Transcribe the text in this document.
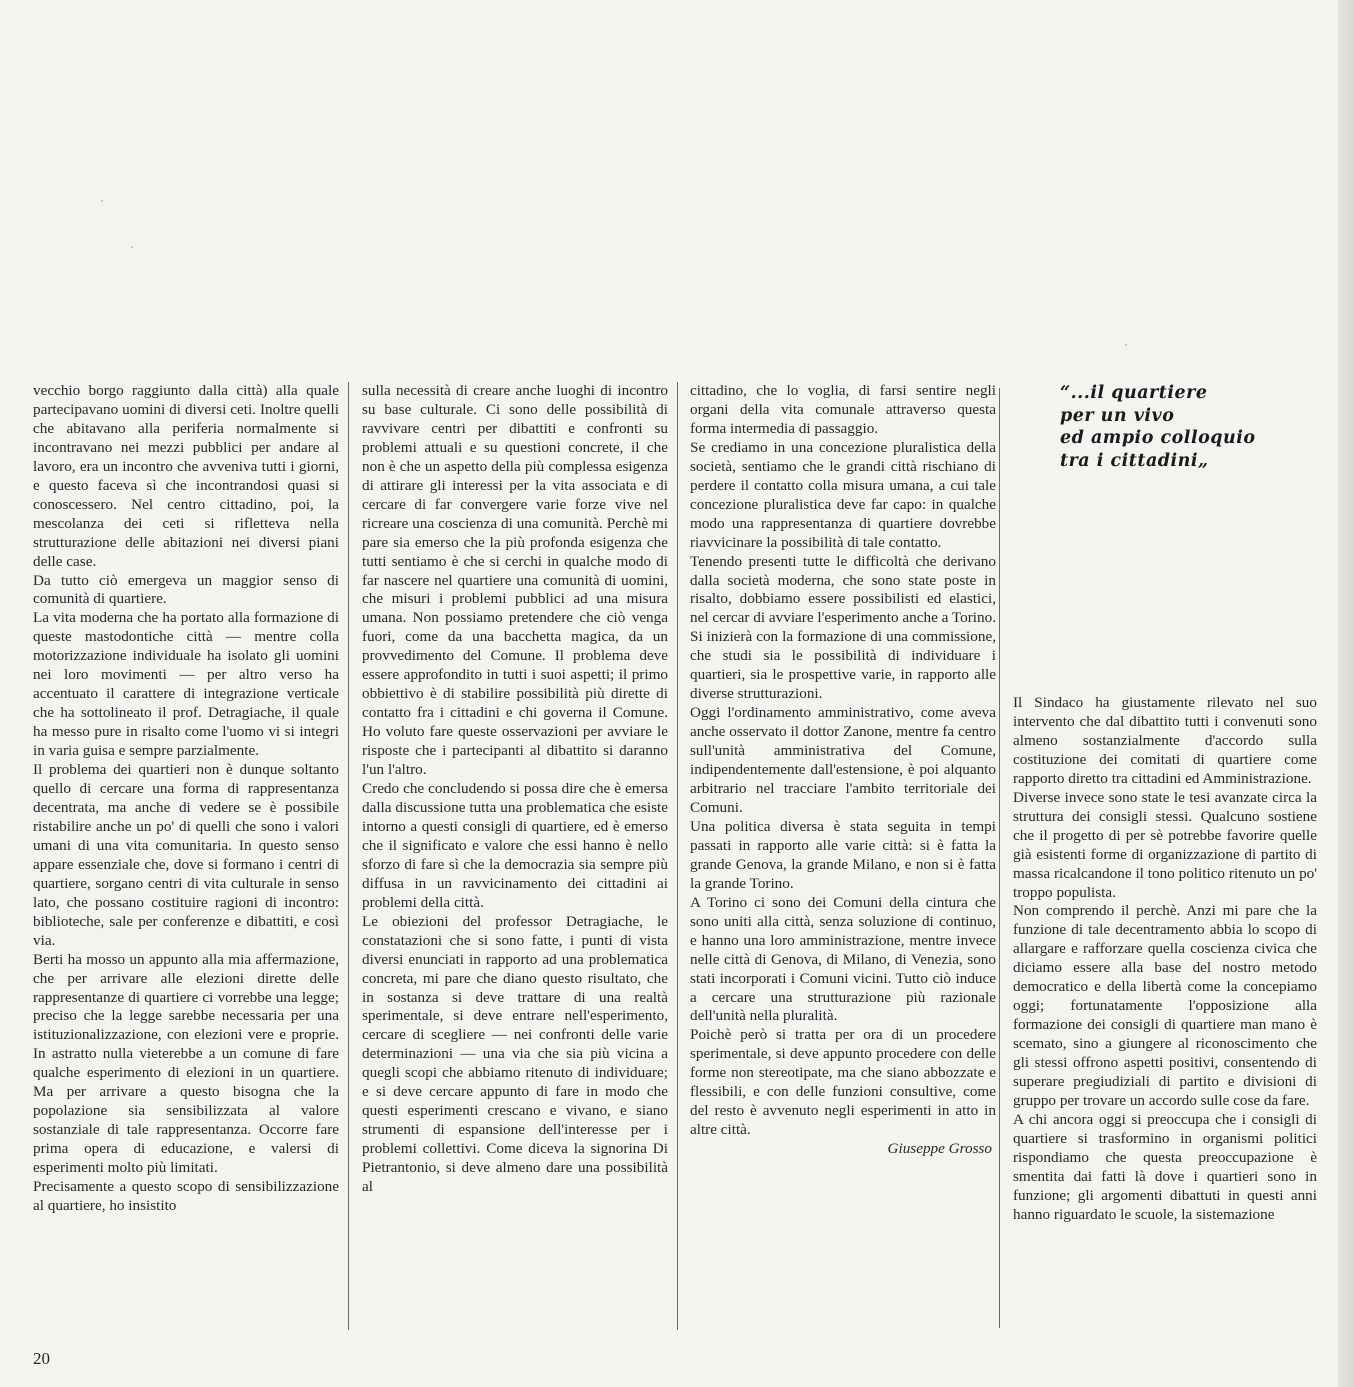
vecchio borgo raggiunto dalla città) alla quale partecipavano uomini di diversi ceti. Inoltre quelli che abitavano alla periferia normalmente si incontravano nei mezzi pubblici per andare al lavoro, era un incontro che avveniva tutti i giorni, e questo faceva sì che incontrandosi quasi si conoscessero. Nel centro cittadino, poi, la mescolanza dei ceti si rifletteva nella strutturazione delle abitazioni nei diversi piani delle case.

Da tutto ciò emergeva un maggior senso di comunità di quartiere.

La vita moderna che ha portato alla formazione di queste mastodontiche città — mentre colla motorizzazione individuale ha isolato gli uomini nei loro movimenti — per altro verso ha accentuato il carattere di integrazione verticale che ha sottolineato il prof. Detragiache, il quale ha messo pure in risalto come l'uomo vi si integri in varia guisa e sempre parzialmente.

Il problema dei quartieri non è dunque soltanto quello di cercare una forma di rappresentanza decentrata, ma anche di vedere se è possibile ristabilire anche un po' di quelli che sono i valori umani di una vita comunitaria. In questo senso appare essenziale che, dove si formano i centri di quartiere, sorgano centri di vita culturale in senso lato, che possano costituire ragioni di incontro: biblioteche, sale per conferenze e dibattiti, e così via.

Berti ha mosso un appunto alla mia affermazione, che per arrivare alle elezioni dirette delle rappresentanze di quartiere ci vorrebbe una legge; preciso che la legge sarebbe necessaria per una istituzionalizzazione, con elezioni vere e proprie. In astratto nulla vieterebbe a un comune di fare qualche esperimento di elezioni in un quartiere. Ma per arrivare a questo bisogna che la popolazione sia sensibilizzata al valore sostanziale di tale rappresentanza. Occorre fare prima opera di educazione, e valersi di esperimenti molto più limitati.

Precisamente a questo scopo di sensibilizzazione al quartiere, ho insistito

sulla necessità di creare anche luoghi di incontro su base culturale. Ci sono delle possibilità di ravvivare centri per dibattiti e confronti su problemi attuali e su questioni concrete, il che non è che un aspetto della più complessa esigenza di attirare gli interessi per la vita associata e di cercare di far convergere varie forze vive nel ricreare una coscienza di una comunità. Perchè mi pare sia emerso che la più profonda esigenza che tutti sentiamo è che si cerchi in qualche modo di far nascere nel quartiere una comunità di uomini, che misuri i problemi pubblici ad una misura umana. Non possiamo pretendere che ciò venga fuori, come da una bacchetta magica, da un provvedimento del Comune. Il problema deve essere approfondito in tutti i suoi aspetti; il primo obbiettivo è di stabilire possibilità più dirette di contatto fra i cittadini e chi governa il Comune. Ho voluto fare queste osservazioni per avviare le risposte che i partecipanti al dibattito si daranno l'un l'altro.

Credo che concludendo si possa dire che è emersa dalla discussione tutta una problematica che esiste intorno a questi consigli di quartiere, ed è emerso che il significato e valore che essi hanno è nello sforzo di fare sì che la democrazia sia sempre più diffusa in un ravvicinamento dei cittadini ai problemi della città.

Le obiezioni del professor Detragiache, le constatazioni che si sono fatte, i punti di vista diversi enunciati in rapporto ad una problematica concreta, mi pare che diano questo risultato, che in sostanza si deve trattare di una realtà sperimentale, si deve entrare nell'esperimento, cercare di scegliere — nei confronti delle varie determinazioni — una via che sia più vicina a quegli scopi che abbiamo ritenuto di individuare; e si deve cercare appunto di fare in modo che questi esperimenti crescano e vivano, e siano strumenti di espansione dell'interesse per i problemi collettivi. Come diceva la signorina Di Pietrantonio, si deve almeno dare una possibilità al

cittadino, che lo voglia, di farsi sentire negli organi della vita comunale attraverso questa forma intermedia di passaggio.

Se crediamo in una concezione pluralistica della società, sentiamo che le grandi città rischiano di perdere il contatto colla misura umana, a cui tale concezione pluralistica deve far capo: in qualche modo una rappresentanza di quartiere dovrebbe riavvicinare la possibilità di tale contatto.

Tenendo presenti tutte le difficoltà che derivano dalla società moderna, che sono state poste in risalto, dobbiamo essere possibilisti ed elastici, nel cercar di avviare l'esperimento anche a Torino. Si inizierà con la formazione di una commissione, che studi sia le possibilità di individuare i quartieri, sia le prospettive varie, in rapporto alle diverse strutturazioni.

Oggi l'ordinamento amministrativo, come aveva anche osservato il dottor Zanone, mentre fa centro sull'unità amministrativa del Comune, indipendentemente dall'estensione, è poi alquanto arbitrario nel tracciare l'ambito territoriale dei Comuni.

Una politica diversa è stata seguita in tempi passati in rapporto alle varie città: si è fatta la grande Genova, la grande Milano, e non si è fatta la grande Torino.

A Torino ci sono dei Comuni della cintura che sono uniti alla città, senza soluzione di continuo, e hanno una loro amministrazione, mentre invece nelle città di Genova, di Milano, di Venezia, sono stati incorporati i Comuni vicini. Tutto ciò induce a cercare una strutturazione più razionale dell'unità nella pluralità.

Poichè però si tratta per ora di un procedere sperimentale, si deve appunto procedere con delle forme non stereotipate, ma che siano abbozzate e flessibili, e con delle funzioni consultive, come del resto è avvenuto negli esperimenti in atto in altre città.

Giuseppe Grosso

“...il quartiere
per un vivo
ed ampio colloquio
tra i cittadini„

Il Sindaco ha giustamente rilevato nel suo intervento che dal dibattito tutti i convenuti sono almeno sostanzialmente d'accordo sulla costituzione dei comitati di quartiere come rapporto diretto tra cittadini ed Amministrazione.

Diverse invece sono state le tesi avanzate circa la struttura dei consigli stessi. Qualcuno sostiene che il progetto di per sè potrebbe favorire quelle già esistenti forme di organizzazione di partito di massa ricalcandone il tono politico ritenuto un po' troppo populista.

Non comprendo il perchè. Anzi mi pare che la funzione di tale decentramento abbia lo scopo di allargare e rafforzare quella coscienza civica che diciamo essere alla base del nostro metodo democratico e della libertà come la concepiamo oggi; fortunatamente l'opposizione alla formazione dei consigli di quartiere man mano è scemato, sino a giungere al riconoscimento che gli stessi offrono aspetti positivi, consentendo di superare pregiudiziali di partito e divisioni di gruppo per trovare un accordo sulle cose da fare.

A chi ancora oggi si preoccupa che i consigli di quartiere si trasformino in organismi politici rispondiamo che questa preoccupazione è smentita dai fatti là dove i quartieri sono in funzione; gli argomenti dibattuti in questi anni hanno riguardato le scuole, la sistemazione

20
